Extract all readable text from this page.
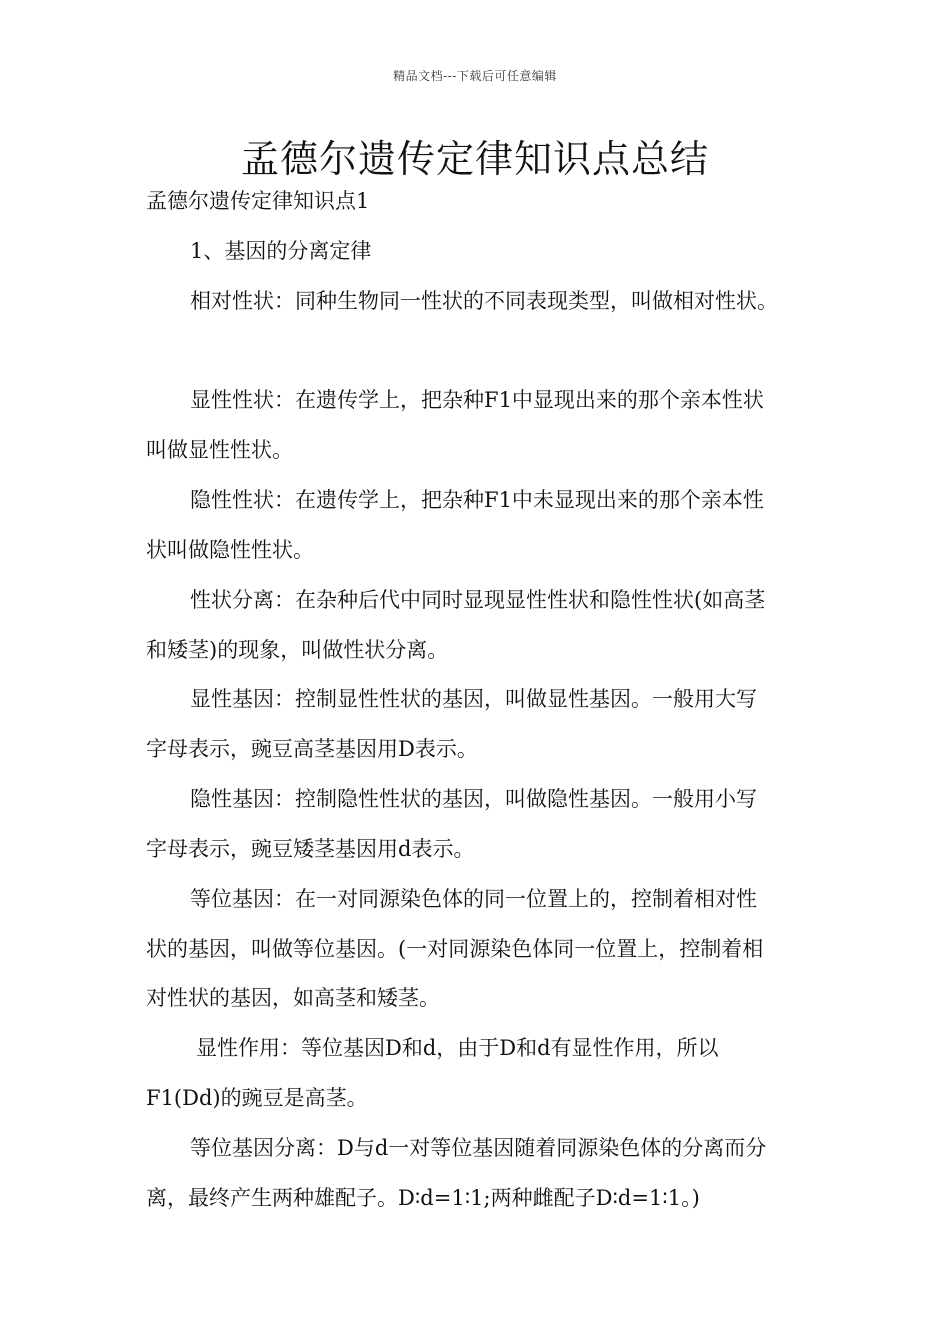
精品文档---下载后可任意编辑
孟德尔遗传定律知识点总结
孟德尔遗传定律知识点1
1、基因的分离定律
相对性状：同种生物同一性状的不同表现类型，叫做相对性状。
显性性状：在遗传学上，把杂种F1中显现出来的那个亲本性状
叫做显性性状。
隐性性状：在遗传学上，把杂种F1中未显现出来的那个亲本性
状叫做隐性性状。
性状分离：在杂种后代中同时显现显性性状和隐性性状(如高茎
和矮茎)的现象，叫做性状分离。
显性基因：控制显性性状的基因，叫做显性基因。一般用大写
字母表示，豌豆高茎基因用D表示。
隐性基因：控制隐性性状的基因，叫做隐性基因。一般用小写
字母表示，豌豆矮茎基因用d表示。
等位基因：在一对同源染色体的同一位置上的，控制着相对性
状的基因，叫做等位基因。(一对同源染色体同一位置上，控制着相
对性状的基因，如高茎和矮茎。
显性作用：等位基因D和d，由于D和d有显性作用，所以
F1(Dd)的豌豆是高茎。
等位基因分离：D与d一对等位基因随着同源染色体的分离而分
离，最终产生两种雄配子。D∶d=1∶1;两种雌配子D∶d=1∶1。)
